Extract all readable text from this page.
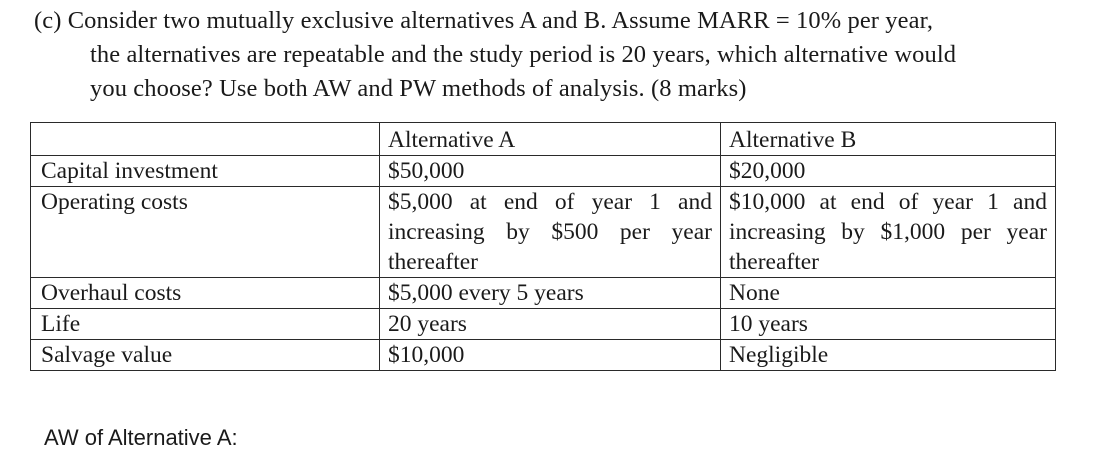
(c) Consider two mutually exclusive alternatives A and B. Assume MARR = 10% per year,
the alternatives are repeatable and the study period is 20 years, which alternative would
you choose? Use both AW and PW methods of analysis. (8 marks)
	Alternative A	Alternative B
Capital investment	$50,000	$20,000
Operating costs	$5,000 at end of year 1 and increasing by $500 per year thereafter	$10,000 at end of year 1 and increasing by $1,000 per year thereafter
Overhaul costs	$5,000 every 5 years	None
Life	20 years	10 years
Salvage value	$10,000	Negligible
AW of Alternative A:
